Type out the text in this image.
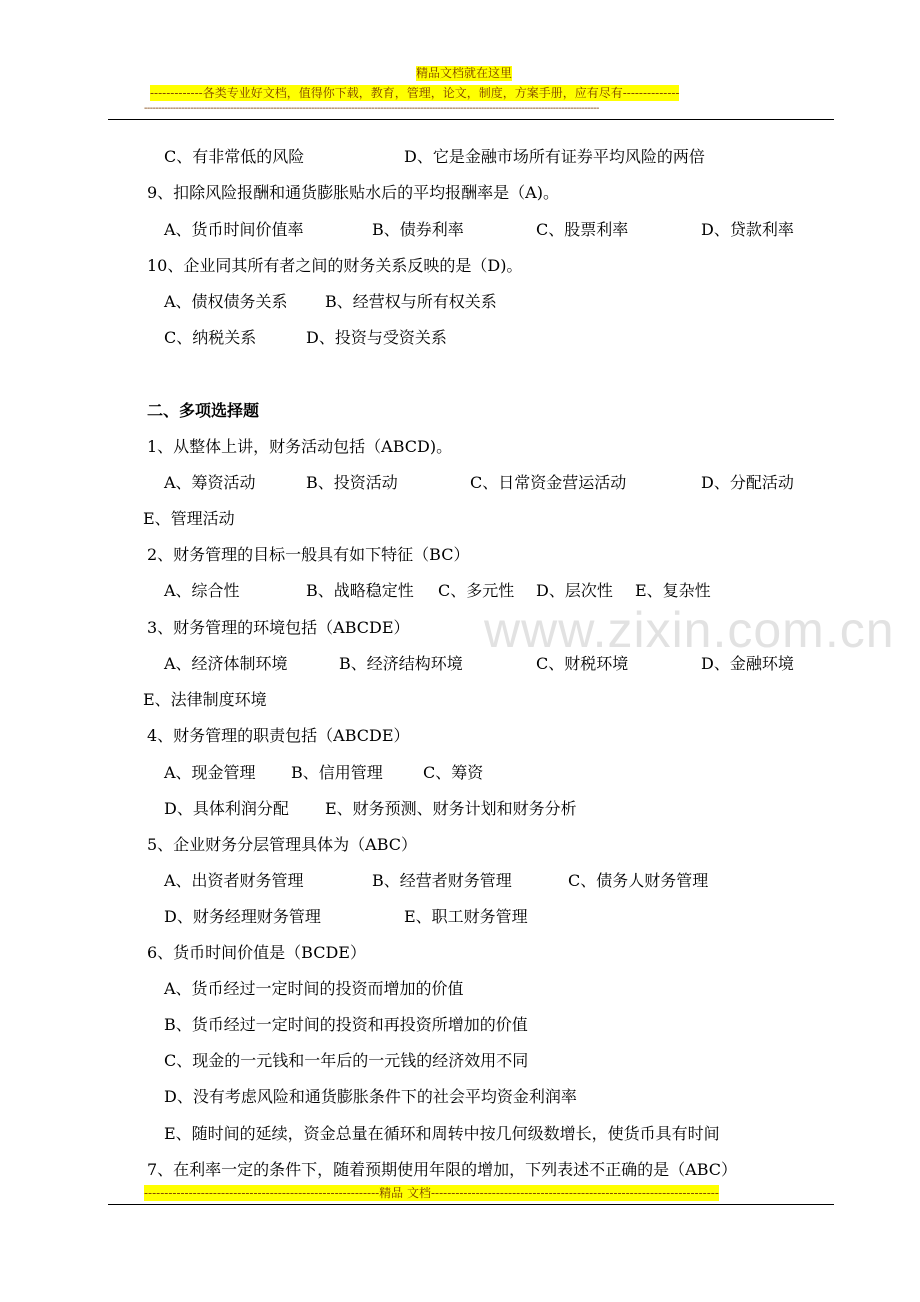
精品文档就在这里
-------------各类专业好文档，值得你下载，教育，管理，论文，制度，方案手册，应有尽有--------------
--------------------------------------------------------------------------------------------------------------------------------------------------------------
www.zixin.com.cn
C、有非常低的风险	D、它是金融市场所有证券平均风险的两倍
9、扣除风险报酬和通货膨胀贴水后的平均报酬率是（A)。
A、货币时间价值率	B、债券利率	C、股票利率	D、贷款利率
10、企业同其所有者之间的财务关系反映的是（D)。
A、债权债务关系 B、经营权与所有权关系
C、纳税关系	D、投资与受资关系
二、多项选择题
1、从整体上讲，财务活动包括（ABCD)。
A、筹资活动	B、投资活动	C、日常资金营运活动	D、分配活动
E、管理活动
2、财务管理的目标一般具有如下特征（BC）
A、综合性	B、战略稳定性 C、多元性 D、层次性 E、复杂性
3、财务管理的环境包括（ABCDE）
A、经济体制环境	B、经济结构环境	C、财税环境	D、金融环境
E、法律制度环境
4、财务管理的职责包括（ABCDE）
A、现金管理 B、信用管理	C、筹资
D、具体利润分配 E、财务预测、财务计划和财务分析
5、企业财务分层管理具体为（ABC）
A、出资者财务管理	B、经营者财务管理	C、债务人财务管理
D、财务经理财务管理	E、职工财务管理
6、货币时间价值是（BCDE）
A、货币经过一定时间的投资而增加的价值
B、货币经过一定时间的投资和再投资所增加的价值
C、现金的一元钱和一年后的一元钱的经济效用不同
D、没有考虑风险和通货膨胀条件下的社会平均资金利润率
E、随时间的延续，资金总量在循环和周转中按几何级数增长，使货币具有时间
7、在利率一定的条件下，随着预期使用年限的增加，下列表述不正确的是（ABC）
----------------------------------------------------------精品 文档-----------------------------------------------------------------------
